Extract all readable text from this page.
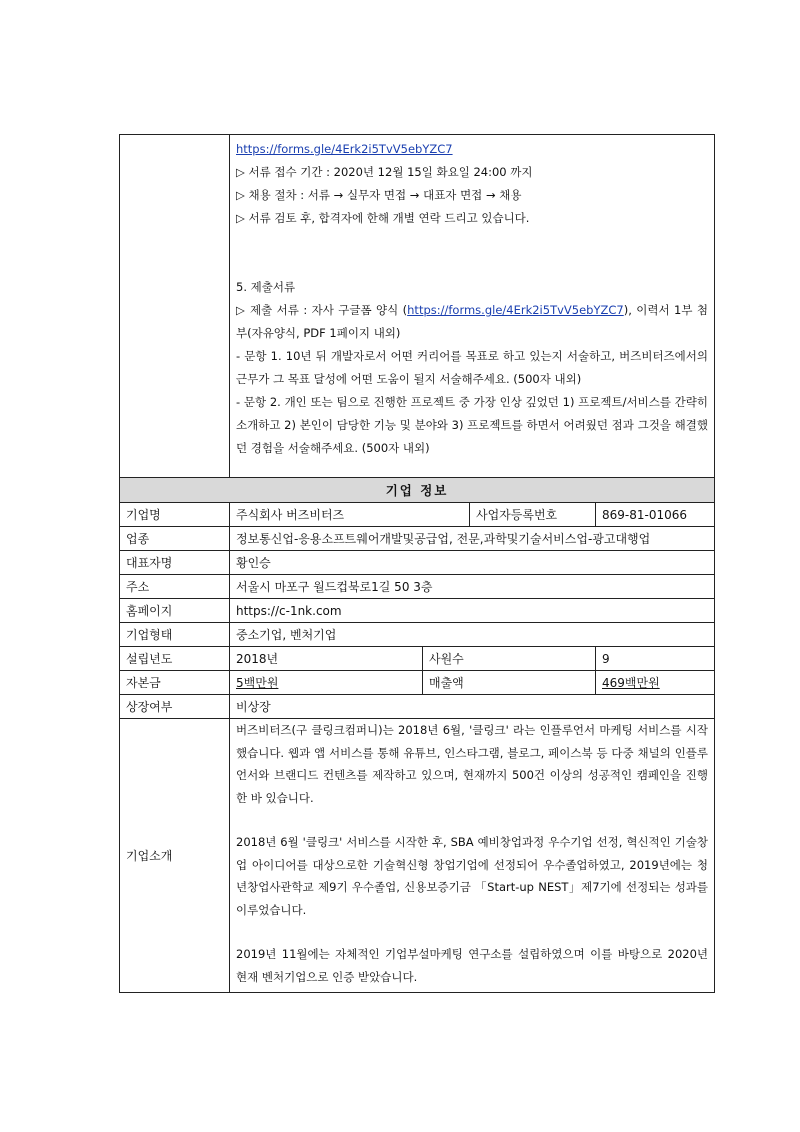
https://forms.gle/4Erk2i5TvV5ebYZC7

▷ 서류 접수 기간 : 2020년 12월 15일 화요일 24:00 까지

▷ 채용 절차 : 서류 → 실무자 면접 → 대표자 면접 → 채용

▷ 서류 검토 후, 합격자에 한해 개별 연락 드리고 있습니다.

5. 제출서류

▷ 제출 서류 : 자사 구글폼 양식 (https://forms.gle/4Erk2i5TvV5ebYZC7), 이력서 1부 첨부(자유양식, PDF 1페이지 내외)

- 문항 1. 10년 뒤 개발자로서 어떤 커리어를 목표로 하고 있는지 서술하고, 버즈비터즈에서의 근무가 그 목표 달성에 어떤 도움이 될지 서술해주세요. (500자 내외)

- 문항 2. 개인 또는 팀으로 진행한 프로젝트 중 가장 인상 깊었던 1) 프로젝트/서비스를 간략히 소개하고 2) 본인이 담당한 기능 및 분야와 3) 프로젝트를 하면서 어려웠던 점과 그것을 해결했던 경험을 서술해주세요. (500자 내외)

기업 정보				
기업명	주식회사 버즈비터즈		사업자등록번호	869-81-01066
업종	정보통신업-응용소프트웨어개발및공급업, 전문,과학및기술서비스업-광고대행업			
대표자명	황인승			
주소	서울시 마포구 월드컵북로1길 50 3층			
홈페이지	https://c-1nk.com			
기업형태	중소기업, 벤처기업			
설립년도	2018년	사원수		9
자본금	5백만원	매출액		469백만원
상장여부	비상장			
기업소개	버즈비터즈(구 클링크컴퍼니)는 2018년 6월, '클링크' 라는 인플루언서 마케팅 서비스를 시작했습니다. 웹과 앱 서비스를 통해 유튜브, 인스타그램, 블로그, 페이스북 등 다중 채널의 인플루언서와 브랜디드 컨텐츠를 제작하고 있으며, 현재까지 500건 이상의 성공적인 캠페인을 진행한 바 있습니다.

2018년 6월 '클링크' 서비스를 시작한 후, SBA 예비창업과정 우수기업 선정, 혁신적인 기술창업 아이디어를 대상으로한 기술혁신형 창업기업에 선정되어 우수졸업하였고, 2019년에는 청년창업사관학교 제9기 우수졸업, 신용보증기금 「Start-up NEST」제7기에 선정되는 성과를 이루었습니다.

2019년 11월에는 자체적인 기업부설마케팅 연구소를 설립하였으며 이를 바탕으로 2020년 현재 벤처기업으로 인증 받았습니다.			
